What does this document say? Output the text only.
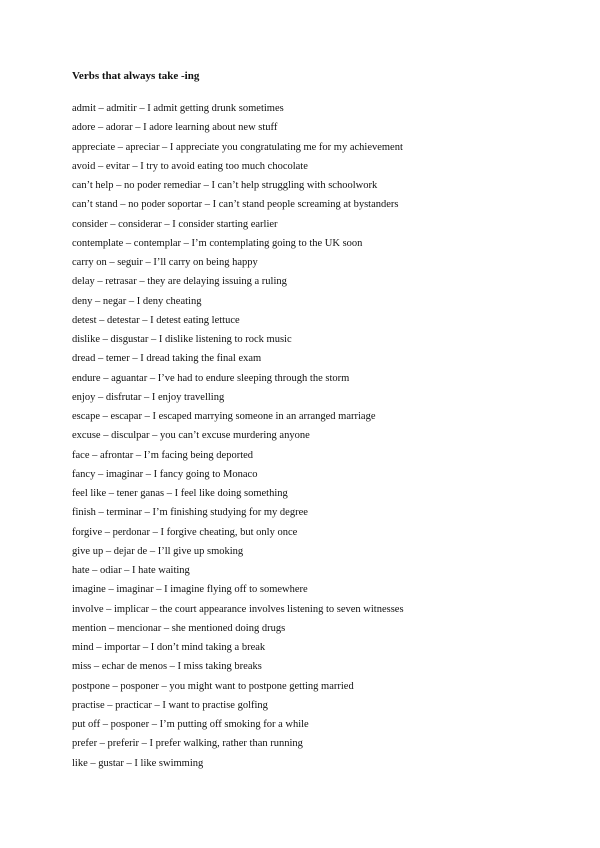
Verbs that always take -ing
admit – admitir – I admit getting drunk sometimes
adore – adorar – I adore learning about new stuff
appreciate – apreciar – I appreciate you congratulating me for my achievement
avoid – evitar – I try to avoid eating too much chocolate
can’t help – no poder remediar – I can’t help struggling with schoolwork
can’t stand – no poder soportar – I can’t stand people screaming at bystanders
consider – considerar – I consider starting earlier
contemplate – contemplar – I’m contemplating going to the UK soon
carry on – seguir – I’ll carry on being happy
delay – retrasar – they are delaying issuing a ruling
deny – negar – I deny cheating
detest – detestar – I detest eating lettuce
dislike – disgustar – I dislike listening to rock music
dread – temer – I dread taking the final exam
endure – aguantar – I’ve had to endure sleeping through the storm
enjoy – disfrutar – I enjoy travelling
escape – escapar – I escaped marrying someone in an arranged marriage
excuse – disculpar – you can’t excuse murdering anyone
face – afrontar – I’m facing being deported
fancy – imaginar – I fancy going to Monaco
feel like – tener ganas – I feel like doing something
finish – terminar – I’m finishing studying for my degree
forgive – perdonar – I forgive cheating, but only once
give up – dejar de – I’ll give up smoking
hate – odiar – I hate waiting
imagine – imaginar – I imagine flying off to somewhere
involve – implicar – the court appearance involves listening to seven witnesses
mention – mencionar – she mentioned doing drugs
mind – importar – I don’t mind taking a break
miss – echar de menos – I miss taking breaks
postpone – posponer – you might want to postpone getting married
practise – practicar – I want to practise golfing
put off – posponer – I’m putting off smoking for a while
prefer – preferir – I prefer walking, rather than running
like – gustar – I like swimming
